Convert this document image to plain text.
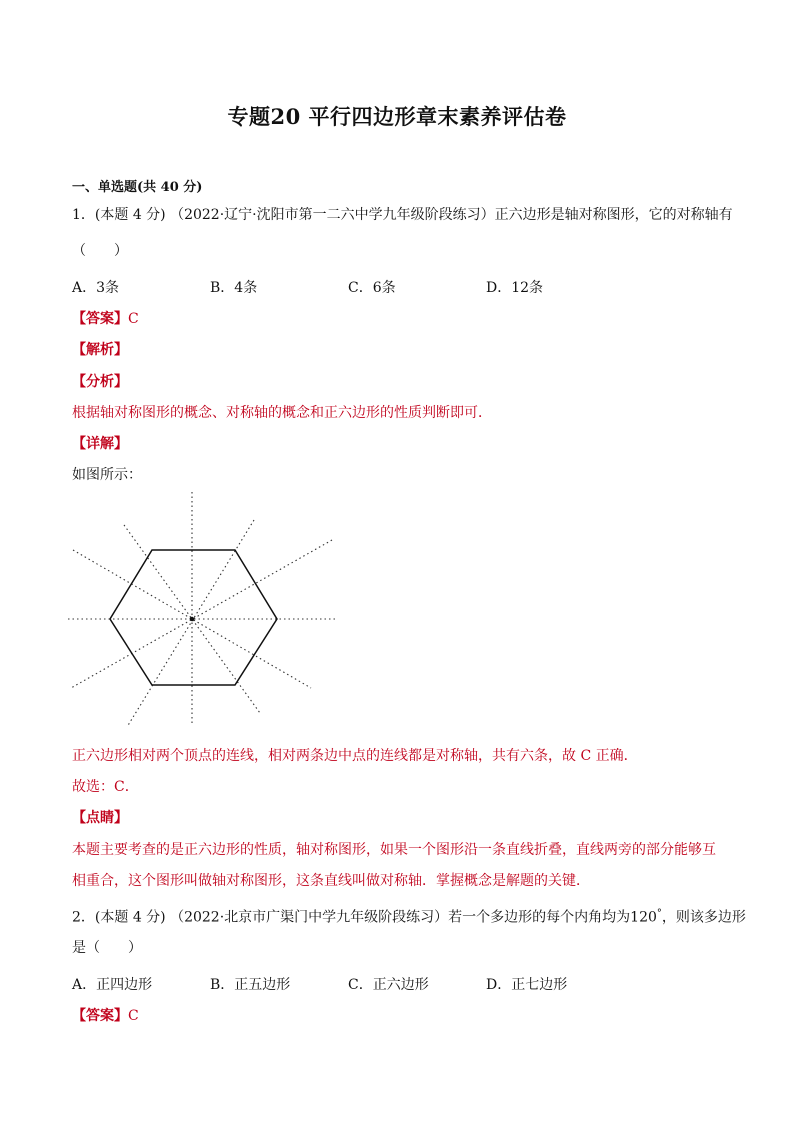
专题20 平行四边形章末素养评估卷
一、单选题(共 40 分)
1．(本题 4 分) （2022·辽宁·沈阳市第一二六中学九年级阶段练习）正六边形是轴对称图形，它的对称轴有
（　　）
A．3条	B．4条	C．6条	D．12条
【答案】C
【解析】
【分析】
根据轴对称图形的概念、对称轴的概念和正六边形的性质判断即可．
【详解】
如图所示：
正六边形相对两个顶点的连线，相对两条边中点的连线都是对称轴，共有六条，故 C 正确．
故选：C．
【点睛】
本题主要考查的是正六边形的性质，轴对称图形，如果一个图形沿一条直线折叠，直线两旁的部分能够互
相重合，这个图形叫做轴对称图形，这条直线叫做对称轴．掌握概念是解题的关键．
2．(本题 4 分) （2022·北京市广渠门中学九年级阶段练习）若一个多边形的每个内角均为120°，则该多边形
是（　　）
A．正四边形	B．正五边形	C．正六边形	D．正七边形
【答案】C
